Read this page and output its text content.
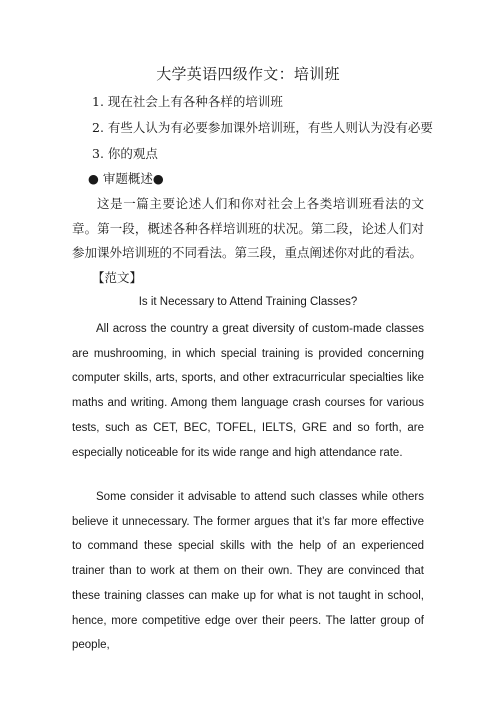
大学英语四级作文：培训班
1. 现在社会上有各种各样的培训班
2. 有些人认为有必要参加课外培训班，有些人则认为没有必要
3. 你的观点
● 审题概述●

这是一篇主要论述人们和你对社会上各类培训班看法的文章。第一段，概述各种各样培训班的状况。第二段，论述人们对参加课外培训班的不同看法。第三段，重点阐述你对此的看法。

【范文】
Is it Necessary to Attend Training Classes?

All across the country a great diversity of custom-made classes are mushrooming, in which special training is provided concerning computer skills, arts, sports, and other extracurricular specialties like maths and writing. Among them language crash courses for various tests, such as CET, BEC, TOFEL, IELTS, GRE and so forth, are especially noticeable for its wide range and high attendance rate.

Some consider it advisable to attend such classes while others believe it unnecessary. The former argues that it’s far more effective to command these special skills with the help of an experienced trainer than to work at them on their own. They are convinced that these training classes can make up for what is not taught in school, hence, more competitive edge over their peers. The latter group of people,
